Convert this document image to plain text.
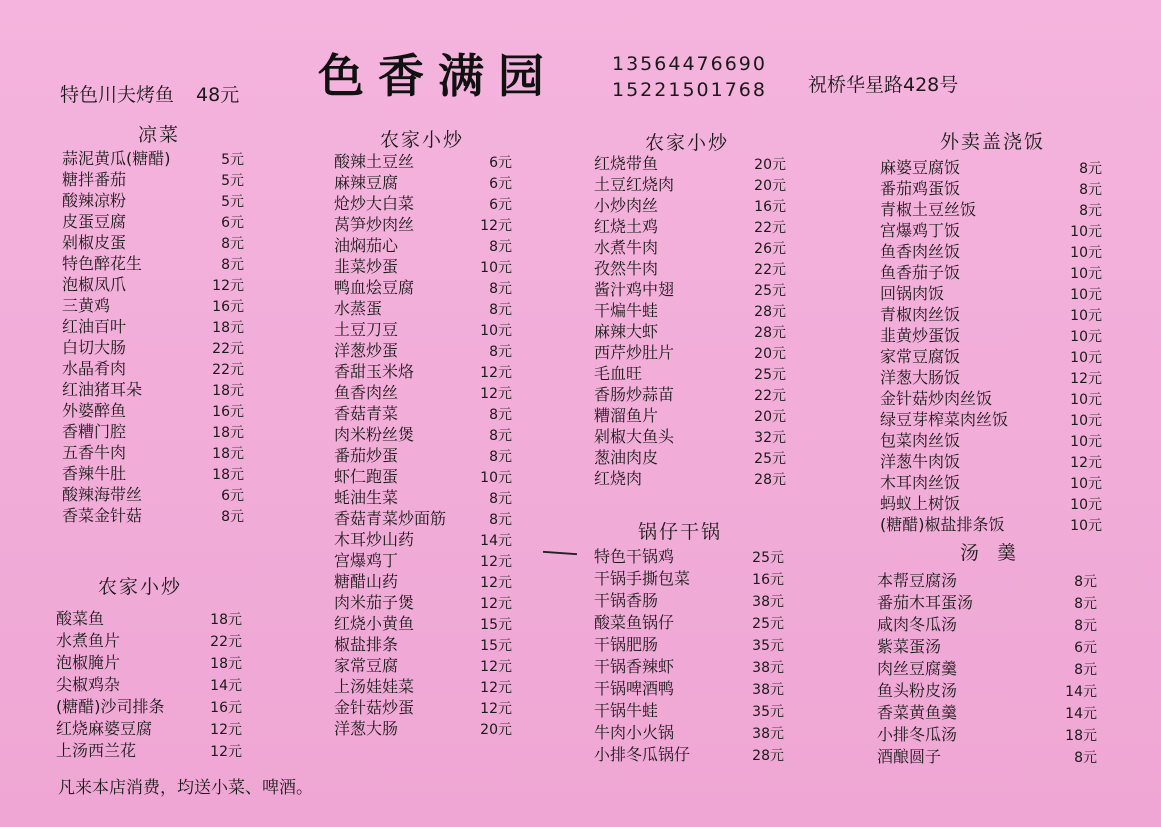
特色川夫烤鱼 48元 色香满园	13564476690
15221501768 祝桥华星路428号
凉菜
蒜泥黄瓜(糖醋)	5元
糖拌番茄	5元
酸辣凉粉	5元
皮蛋豆腐	6元
剁椒皮蛋	8元
特色醉花生	8元
泡椒凤爪	12元
三黄鸡	16元
红油百叶	18元
白切大肠	22元
水晶肴肉	22元
红油猪耳朵	18元
外婆醉鱼	16元
香糟门腔	18元
五香牛肉	18元
香辣牛肚	18元
酸辣海带丝	6元
香菜金针菇	8元
农家小炒
酸菜鱼	18元
水煮鱼片	22元
泡椒腌片	18元
尖椒鸡杂	14元
(糖醋)沙司排条	16元
红烧麻婆豆腐	12元
上汤西兰花	12元
农家小炒
酸辣土豆丝	6元
麻辣豆腐	6元
炝炒大白菜	6元
莴笋炒肉丝	12元
油焖茄心	8元
韭菜炒蛋	10元
鸭血烩豆腐	8元
水蒸蛋	8元
土豆刀豆	10元
洋葱炒蛋	8元
香甜玉米烙	12元
鱼香肉丝	12元
香菇青菜	8元
肉米粉丝煲	8元
番茄炒蛋	8元
虾仁跑蛋	10元
蚝油生菜	8元
香菇青菜炒面筋	8元
木耳炒山药	14元
宫爆鸡丁	12元
糖醋山药	12元
肉米茄子煲	12元
红烧小黄鱼	15元
椒盐排条	15元
家常豆腐	12元
上汤娃娃菜	12元
金针菇炒蛋	12元
洋葱大肠	20元
农家小炒
红烧带鱼	20元
土豆红烧肉	20元
小炒肉丝	16元
红烧土鸡	22元
水煮牛肉	26元
孜然牛肉	22元
酱汁鸡中翅	25元
干煸牛蛙	28元
麻辣大虾	28元
西芹炒肚片	20元
毛血旺	25元
香肠炒蒜苗	22元
糟溜鱼片	20元
剁椒大鱼头	32元
葱油肉皮	25元
红烧肉	28元
锅仔干锅
特色干锅鸡	25元
干锅手撕包菜	16元
干锅香肠	38元
酸菜鱼锅仔	25元
干锅肥肠	35元
干锅香辣虾	38元
干锅啤酒鸭	38元
干锅牛蛙	35元
牛肉小火锅	38元
小排冬瓜锅仔	28元
外卖盖浇饭
麻婆豆腐饭	8元
番茄鸡蛋饭	8元
青椒土豆丝饭	8元
宫爆鸡丁饭	10元
鱼香肉丝饭	10元
鱼香茄子饭	10元
回锅肉饭	10元
青椒肉丝饭	10元
韭黄炒蛋饭	10元
家常豆腐饭	10元
洋葱大肠饭	12元
金针菇炒肉丝饭	10元
绿豆芽榨菜肉丝饭	10元
包菜肉丝饭	10元
洋葱牛肉饭	12元
木耳肉丝饭	10元
蚂蚁上树饭	10元
(糖醋)椒盐排条饭	10元
汤 羹
本帮豆腐汤	8元
番茄木耳蛋汤	8元
咸肉冬瓜汤	8元
紫菜蛋汤	6元
肉丝豆腐羹	8元
鱼头粉皮汤	14元
香菜黄鱼羹	14元
小排冬瓜汤	18元
酒酿圆子	8元
凡来本店消费，均送小菜、啤酒。
